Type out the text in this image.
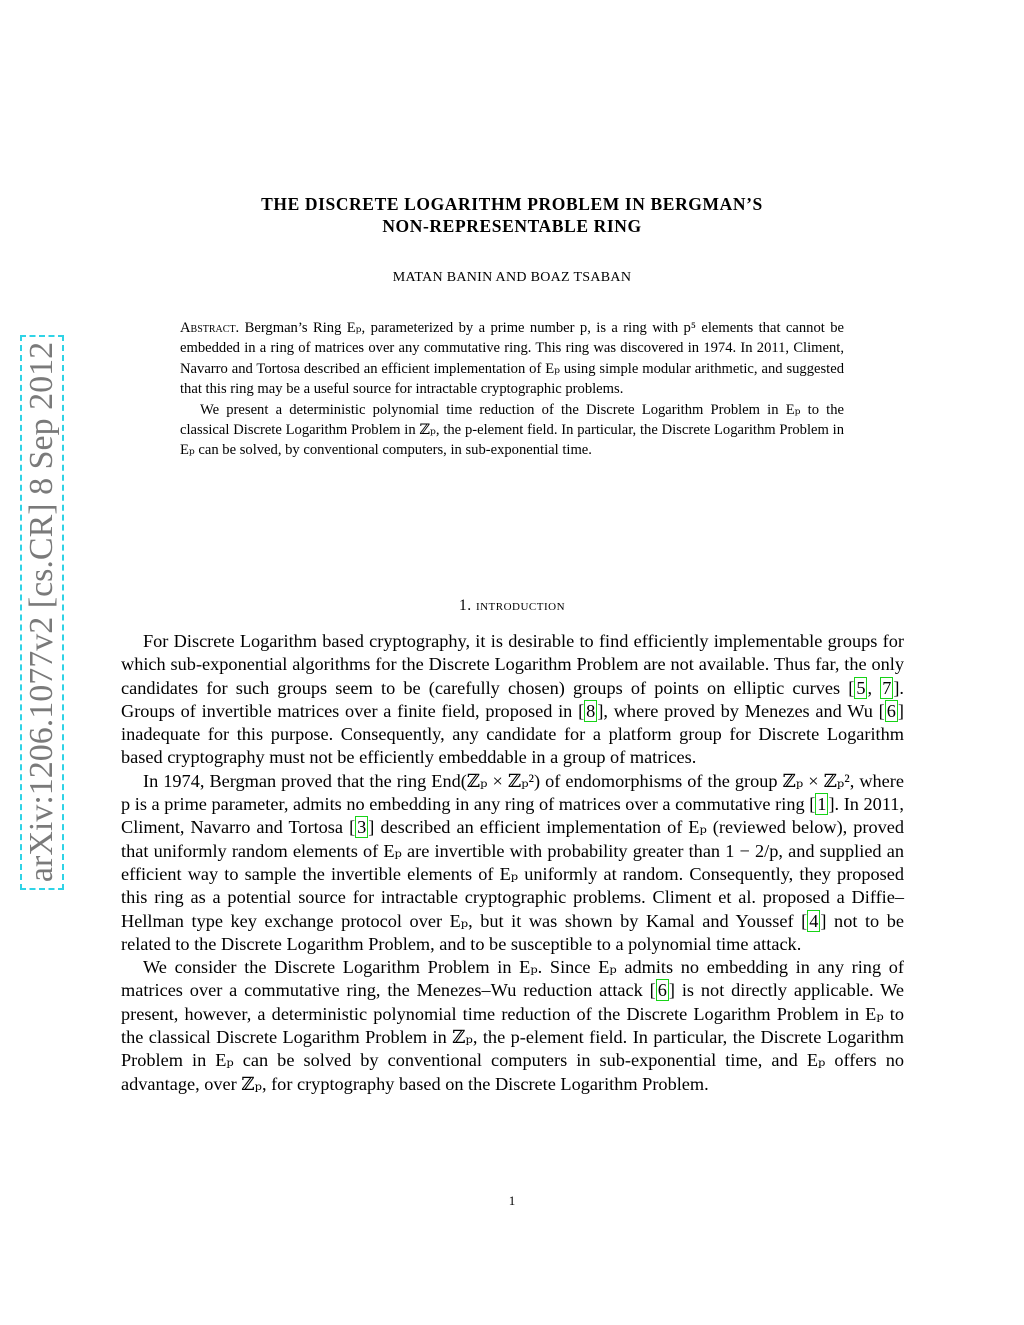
arXiv:1206.1077v2 [cs.CR] 8 Sep 2012
THE DISCRETE LOGARITHM PROBLEM IN BERGMAN’S
NON-REPRESENTABLE RING
MATAN BANIN AND BOAZ TSABAN

Abstract. Bergman’s Ring Eₚ, parameterized by a prime number p, is a ring with p⁵ elements that cannot be embedded in a ring of matrices over any commutative ring. This ring was discovered in 1974. In 2011, Climent, Navarro and Tortosa described an efficient implementation of Eₚ using simple modular arithmetic, and suggested that this ring may be a useful source for intractable cryptographic problems.

We present a deterministic polynomial time reduction of the Discrete Logarithm Problem in Eₚ to the classical Discrete Logarithm Problem in ℤₚ, the p-element field. In particular, the Discrete Logarithm Problem in Eₚ can be solved, by conventional computers, in sub-exponential time.

1. introduction

For Discrete Logarithm based cryptography, it is desirable to find efficiently implementable groups for which sub-exponential algorithms for the Discrete Logarithm Problem are not available. Thus far, the only candidates for such groups seem to be (carefully chosen) groups of points on elliptic curves [ 5 , 7 ]. Groups of invertible matrices over a finite field, proposed in [ 8 ], where proved by Menezes and Wu [ 6 ] inadequate for this purpose. Consequently, any candidate for a platform group for Discrete Logarithm based cryptography must not be efficiently embeddable in a group of matrices.

In 1974, Bergman proved that the ring End(ℤₚ × ℤₚ²) of endomorphisms of the group ℤₚ × ℤₚ², where p is a prime parameter, admits no embedding in any ring of matrices over a commutative ring [ 1 ]. In 2011, Climent, Navarro and Tortosa [ 3 ] described an efficient implementation of Eₚ (reviewed below), proved that uniformly random elements of Eₚ are invertible with probability greater than 1 − 2/p, and supplied an efficient way to sample the invertible elements of Eₚ uniformly at random. Consequently, they proposed this ring as a potential source for intractable cryptographic problems. Climent et al. proposed a Diffie–Hellman type key exchange protocol over Eₚ, but it was shown by Kamal and Youssef [ 4 ] not to be related to the Discrete Logarithm Problem, and to be susceptible to a polynomial time attack.

We consider the Discrete Logarithm Problem in Eₚ. Since Eₚ admits no embedding in any ring of matrices over a commutative ring, the Menezes–Wu reduction attack [ 6 ] is not directly applicable. We present, however, a deterministic polynomial time reduction of the Discrete Logarithm Problem in Eₚ to the classical Discrete Logarithm Problem in ℤₚ, the p-element field. In particular, the Discrete Logarithm Problem in Eₚ can be solved by conventional computers in sub-exponential time, and Eₚ offers no advantage, over ℤₚ, for cryptography based on the Discrete Logarithm Problem.

1
